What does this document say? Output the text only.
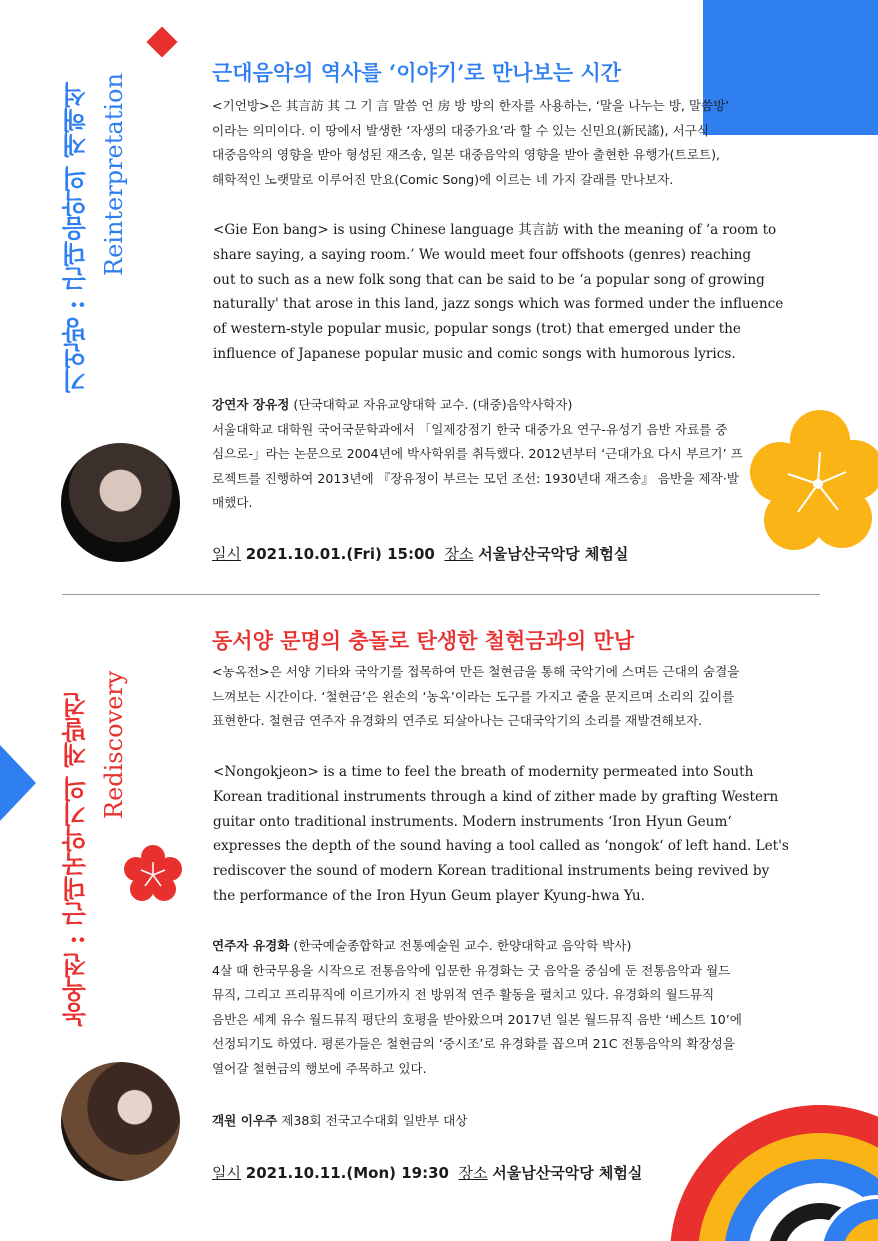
기언방 : 근대음악의 재해석 Reinterpretation
농옥전 : 근대국악기의 재발견 Rediscovery
근대음악의 역사를 ‘이야기’로 만나보는 시간
<기언방>은 其言訪 其 그 기 言 말씀 언 房 방 방의 한자를 사용하는, ‘말을 나누는 방, 말씀방’
이라는 의미이다. 이 땅에서 발생한 ‘자생의 대중가요’라 할 수 있는 신민요(新民謠), 서구식
대중음악의 영향을 받아 형성된 재즈송, 일본 대중음악의 영향을 받아 출현한 유행가(트로트),
해학적인 노랫말로 이루어진 만요(Comic Song)에 이르는 네 가지 갈래를 만나보자.
<Gie Eon bang> is using Chinese language 其言訪 with the meaning of ‘a room to
share saying, a saying room.’ We would meet four offshoots (genres) reaching
out to such as a new folk song that can be said to be ‘a popular song of growing
naturally' that arose in this land, jazz songs which was formed under the influence
of western-style popular music, popular songs (trot) that emerged under the
influence of Japanese popular music and comic songs with humorous lyrics.
강연자 장유정 (단국대학교 자유교양대학 교수. (대중)음악사학자)
서울대학교 대학원 국어국문학과에서 「일제강점기 한국 대중가요 연구-유성기 음반 자료를 중
심으로-」라는 논문으로 2004년에 박사학위를 취득했다. 2012년부터 ‘근대가요 다시 부르기’ 프
로젝트를 진행하여 2013년에 『장유정이 부르는 모던 조선: 1930년대 재즈송』 음반을 제작·발
매했다.
일시 2021.10.01.(Fri) 15:00 장소 서울남산국악당 체험실
동서양 문명의 충돌로 탄생한 철현금과의 만남
<농옥전>은 서양 기타와 국악기를 접목하여 만든 철현금을 통해 국악기에 스며든 근대의 숨결을
느껴보는 시간이다. ‘철현금’은 왼손의 ‘농옥’이라는 도구를 가지고 줄을 문지르며 소리의 깊이를
표현한다. 철현금 연주자 유경화의 연주로 되살아나는 근대국악기의 소리를 재발견해보자.
<Nongokjeon> is a time to feel the breath of modernity permeated into South
Korean traditional instruments through a kind of zither made by grafting Western
guitar onto traditional instruments. Modern instruments ‘Iron Hyun Geum‘
expresses the depth of the sound having a tool called as ‘nongok‘ of left hand. Let's
rediscover the sound of modern Korean traditional instruments being revived by
the performance of the Iron Hyun Geum player Kyung-hwa Yu.
연주자 유경화 (한국예술종합학교 전통예술원 교수. 한양대학교 음악학 박사)
4살 때 한국무용을 시작으로 전통음악에 입문한 유경화는 굿 음악을 중심에 둔 전통음악과 월드
뮤직, 그리고 프리뮤직에 이르기까지 전 방위적 연주 활동을 펼치고 있다. 유경화의 월드뮤직
음반은 세계 유수 월드뮤직 평단의 호평을 받아왔으며 2017년 일본 월드뮤직 음반 ‘베스트 10’에
선정되기도 하였다. 평론가들은 철현금의 ‘중시조’로 유경화를 꼽으며 21C 전통음악의 확장성을
열어갈 철현금의 행보에 주목하고 있다.
객원 이우주 제38회 전국고수대회 일반부 대상
일시 2021.10.11.(Mon) 19:30 장소 서울남산국악당 체험실
